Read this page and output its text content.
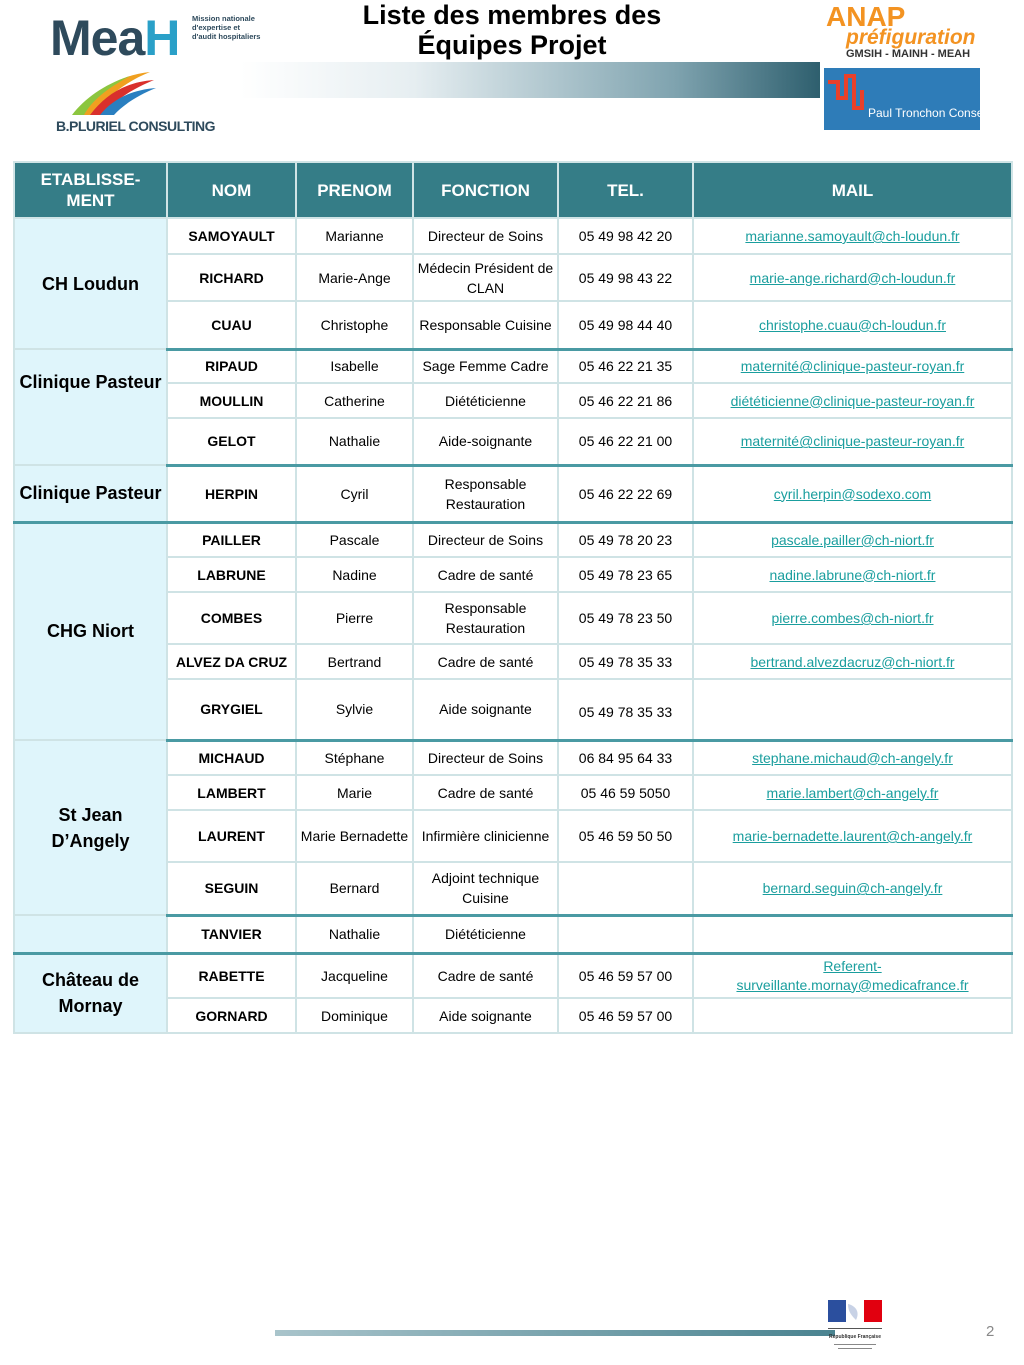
MeaH Mission nationale d'expertise et d'audit hospitaliers
Liste des membres des
Équipes Projet
B.PLURIEL CONSULTING
ANAP
préfiguration
GMSIH - MAINH - MEAH
Paul Tronchon Conseil
ETABLISSE-
MENT	NOM	PRENOM	FONCTION	TEL.	MAIL
CH Loudun	SAMOYAULT	Marianne	Directeur de Soins	05 49 98 42 20	marianne.samoyault@ch-loudun.fr
	RICHARD	Marie-Ange	Médecin Président de CLAN	05 49 98 43 22	marie-ange.richard@ch-loudun.fr
	CUAU	Christophe	Responsable Cuisine	05 49 98 44 40	christophe.cuau@ch-loudun.fr
Clinique Pasteur	RIPAUD	Isabelle	Sage Femme Cadre	05 46 22 21 35	maternité@clinique-pasteur-royan.fr
	MOULLIN	Catherine	Diététicienne	05 46 22 21 86	diététicienne@clinique-pasteur-royan.fr
	GELOT	Nathalie	Aide-soignante	05 46 22 21 00	maternité@clinique-pasteur-royan.fr
Clinique Pasteur	HERPIN	Cyril	Responsable Restauration	05 46 22 22 69	cyril.herpin@sodexo.com
CHG Niort	PAILLER	Pascale	Directeur de Soins	05 49 78 20 23	pascale.pailler@ch-niort.fr
	LABRUNE	Nadine	Cadre de santé	05 49 78 23 65	nadine.labrune@ch-niort.fr
	COMBES	Pierre	Responsable Restauration	05 49 78 23 50	pierre.combes@ch-niort.fr
	ALVEZ DA CRUZ	Bertrand	Cadre de santé	05 49 78 35 33	bertrand.alvezdacruz@ch-niort.fr
	GRYGIEL	Sylvie	Aide soignante	05 49 78 35 33	
St Jean D’Angely	MICHAUD	Stéphane	Directeur de Soins	06 84 95 64 33	stephane.michaud@ch-angely.fr
	LAMBERT	Marie	Cadre de santé	05 46 59 5050	marie.lambert@ch-angely.fr
	LAURENT	Marie Bernadette	Infirmière clinicienne	05 46 59 50 50	marie-bernadette.laurent@ch-angely.fr
	SEGUIN	Bernard	Adjoint technique Cuisine		bernard.seguin@ch-angely.fr
	TANVIER	Nathalie	Diététicienne		
Château de Mornay	RABETTE	Jacqueline	Cadre de santé	05 46 59 57 00	Referent-surveillante.mornay@medicafrance.fr
	GORNARD	Dominique	Aide soignante	05 46 59 57 00	
République Française	2
